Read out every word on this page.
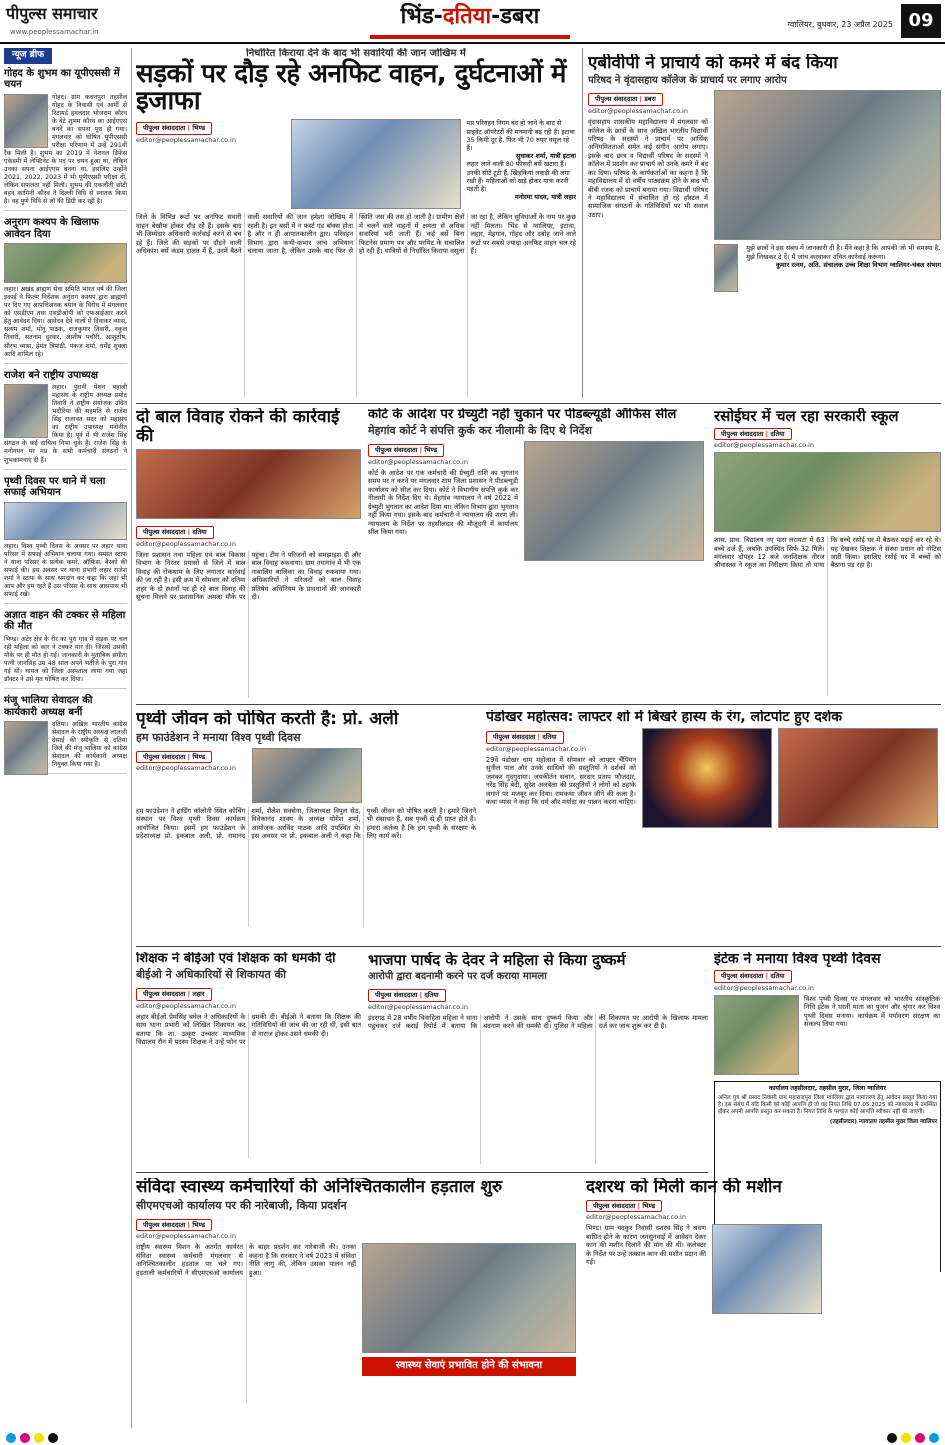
पीपुल्स समाचार
www.peoplessamachar.in
भिंड-दतिया-डबरा	ग्वालियर, बुधवार, 23 अप्रैल 2025 09
न्यूज ब्रीफ
गोहद के शुभम का यूपीएससी में चयन

गोहद। ग्राम कचनपुरा तहसील गोहद के निवासी एवं आर्मी से रिटायर्ड हवलदार भोजराम कौरव के बेटे शुभम कौरव का आईएएस बनने का सपना पूरा हो गया। मंगलवार को घोषित यूपीएससी परीक्षा परिणाम में उन्हें 291वीं रैंक मिली है। शुभम का 2019 में नेशनल डिफेंस एकेडमी में लेफ्टिनेंट के पद पर चयन हुआ था, लेकिन उनका सपना आईएएस बनना था, इसलिए उन्होंने 2021, 2022, 2023 में भी यूपीएससी परीक्षा दी, लेकिन सफलता नहीं मिली। शुभम की एकलौती छोटी बहन कामिनी कौरव ने दिल्ली विवि से स्नातक किया है। वह पुणे विवि से लॉ की डिग्री कर रही है।

अनुराग कश्यप के खिलाफ आवेदन दिया

लहार। अखंड ब्राह्मण सेवा समिति भारत वर्ष की जिला इकाई ने फिल्म निर्देशक अनुराग कश्यप द्वारा ब्राह्मणों पर दिए गए आपत्तिजनक बयान के विरोध में मंगलवार को एसडीएम तथा एसडीओपी को एफआईआर करने हेतु आवेदन दिया। आवेदन देने वालों में दिवाकर व्यास, सत्यम शर्मा, मोनू पाठक, राजकुमार तिवारी, नकुल तिवारी, सतनाम दुरवार, आशीष पचौरी, आशुतोष, सौरभ व्यास, हेमंत त्रिपाठी, पंकज शर्मा, धर्मेंद्र शुक्ला आदि शामिल रहे।

राजेश बने राष्ट्रीय उपाध्यक्ष

लहार। पुरानी पेंशन बहाली महासंघ के राष्ट्रीय अध्यक्ष प्रमोद तिवारी ने राष्ट्रीय संयोजक उदित भदौरिया की सहमति से राजेश सिंह राजावत सदर को महासंघ का राष्ट्रीय उपाध्यक्ष मनोनीत किया है। पूर्व में भी राजेश सिंह संगठन के कई दायित्व निभा चुके हैं। राजेश सिंह के मनोनयन पर मप्र के सभी कर्मचारी संगठनों ने शुभकामनाएं दी हैं।

पृथ्वी दिवस पर थाने में चला सफाई अभियान

लहार। विश्व पृथ्वी दिवस के अवसर पर लहार थाना परिसर में सफाई अभियान चलाया गया। समस्त स्टाफ ने थाना परिसर के प्रत्येक कमरे, ऑफिस, बैरकों की सफाई की। इस अवसर पर थाना प्रभारी लहार राजेश शर्मा ने स्टाफ के साथ श्रमदान कर कहा कि जहां भी आप और हम रहते हैं उस परिसर के साथ आसपास भी सफाई रखें।

अज्ञात वाहन की टक्कर से महिला की मौत

भिण्ड। अटेर क्षेत्र के रीर का पुरा गांव में सड़क पर चल रही महिला को कार ने टक्कर मार दी। जिससे उसकी मौके पर ही मौत हो गई। जानकारी के मुताबिक संगीता पत्नी जानसिंह उम्र 48 साल अपने भतीजे के पुरा गांव गई थी। घायल को जिला अस्पताल लाया गया जहां डॉक्टर ने उसे मृत घोषित कर दिया।

मंजू भालिया सेवादल की कार्यकारी अध्यक्ष बनीं

दतिया। अखिल भारतीय कांग्रेस सेवादल के राष्ट्रीय अध्यक्ष लालजी देसाई की स्वीकृति से दतिया जिले की मंजू भालिया को कांग्रेस सेवादल की कार्यकारी अध्यक्ष नियुक्त किया गया है।

निर्धारित किराया देने के बाद भी सवारियों की जान जोखिम में
सड़कों पर दौड़ रहे अनफिट वाहन, दुर्घटनाओं में इजाफा
पीपुल्स संवाददाता | भिण्ड
editor@peoplessamachar.co.in

मप्र परिवहन निगम बंद हो जाने के बाद से प्राइवेट ऑपरेटरों की मनमानी बढ़ रही है। इटावा 35 किमी दूर है, फिर भी 70 रुपए वसूल रहे हैं।

सुधाकर शर्मा, यात्री इटावा

लहार जाने वाली 80 फीसदी बसें खटारा हैं। उनकी सीटें टूटी हैं, खिड़कियां लकड़ी की लगा रखी हैं। महिलाओं को खड़े होकर यात्रा करनी पड़ती है।

मनोरमा यादव, यात्री लहार

जिले के विभिन्न रूटों पर अनफिट सवारी वाहन बेखौफ होकर दौड़ रहे हैं। इसके बाद भी जिम्मेदार अधिकारी कार्रवाई करने से बच रहे हैं। जिले की सड़कों पर दौड़ने वाली अधिकांश बसें कंडम हालत में हैं, उनमें बैठने वाली सवारियों की जान हमेशा जोखिम में रहती है। इन बसों में न फर्स्ट एड बॉक्स होता है और न ही आपातकालीन द्वार। परिवहन विभाग द्वारा कभी-कभार जांच अभियान चलाया जाता है, लेकिन उसके बाद फिर से स्थिति जस की तस हो जाती है। ग्रामीण क्षेत्रों में चलने वाले वाहनों में क्षमता से अधिक सवारियां भरी जाती हैं। कई बसें बिना फिटनेस प्रमाण पत्र और परमिट के संचालित हो रही हैं। यात्रियों से निर्धारित किराया वसूला जा रहा है, लेकिन सुविधाओं के नाम पर कुछ नहीं मिलता। भिंड से ग्वालियर, इटावा, लहार, मेहगांव, गोहद और दबोह जाने वाले रूटों पर सबसे ज्यादा अनफिट वाहन चल रहे हैं।

एबीवीपी ने प्राचार्य को कमरे में बंद किया
परिषद ने वृंदासहाय कॉलेज के प्राचार्य पर लगाए आरोप
पीपुल्स संवाददाता | डबरा
editor@peoplessamachar.co.in

वृंदासहाय शासकीय महाविद्यालय में मंगलवार को कॉलेज के छात्रों के साथ अखिल भारतीय विद्यार्थी परिषद के सदस्यों ने प्राचार्य पर आर्थिक अनियमितताओं समेत कई संगीन आरोप लगाए। इसके बाद छात्र व विद्यार्थी परिषद के सदस्यों ने कॉलेज में प्रदर्शन कर प्राचार्य को उनके कमरे में बंद कर दिया। परिषद के कार्यकर्ताओं का कहना है कि महाविद्यालय में दो वर्षीय पाठ्यक्रम होने के बाद भी बीबी रजक को प्राचार्य बनाया गया। विद्यार्थी परिषद ने महाविद्यालय में संचालित हो रहे हॉस्टल में सामाजिक संगठनों के गतिविधियों पर भी सवाल उठाए।

मुझे छात्रों ने इस संबंध में जानकारी दी है। मैंने कहा है कि आपकी जो भी समस्या है, मुझे लिखकर दे दें। मैं जांच करवाकर उचित कार्रवाई करूंगा।

कुमार रत्नम, अति. संचालक उच्च शिक्षा विभाग ग्वालियर-चंबल संभाग

दो बाल विवाह रोकने की कार्रवाई की
पीपुल्स संवाददाता | दतिया
editor@peoplessamachar.co.in

जिला प्रशासन तथा महिला एवं बाल विकास विभाग के निरंतर प्रयासों से जिले में बाल विवाह की रोकथाम के लिए लगातार कार्रवाई की जा रही है। इसी क्रम में सोमवार को दतिया शहर के दो स्थानों पर हो रहे बाल विवाह की सूचना मिलने पर प्रशासनिक अमला मौके पर पहुंचा। टीम ने परिजनों को समझाइश दी और बाल विवाह रुकवाया। ग्राम नयागांव में भी एक नाबालिग बालिका का विवाह रुकवाया गया। अधिकारियों ने परिजनों को बाल विवाह प्रतिषेध अधिनियम के प्रावधानों की जानकारी दी।

कोर्ट के आदेश पर ग्रेच्युटी नहीं चुकाने पर पीडब्ल्यूडी ऑफिस सील
मेहगांव कोर्ट ने संपत्ति कुर्क कर नीलामी के दिए थे निर्देश
पीपुल्स संवाददाता | भिण्ड
editor@peoplessamachar.co.in

कोर्ट के आदेश पर एक कर्मचारी की ग्रेच्युटी राशि का भुगतान समय पर न करने पर मंगलवार शाम जिला प्रशासन ने पीडब्ल्यूडी कार्यालय को सील कर दिया। कोर्ट ने विभागीय संपत्ति कुर्क कर नीलामी के निर्देश दिए थे। मेहगांव न्यायालय ने वर्ष 2022 में ग्रेच्युटी भुगतान का आदेश दिया था। लेकिन विभाग द्वारा भुगतान नहीं किया गया। इसके बाद कर्मचारी ने न्यायालय की शरण ली। न्यायालय के निर्देश पर तहसीलदार की मौजूदगी में कार्यालय सील किया गया।

रसोईघर में चल रहा सरकारी स्कूल
पीपुल्स संवाददाता | दतिया
editor@peoplessamachar.co.in

शास. प्राथ. विद्यालय नए पारा लरायटा में 63 बच्चे दर्ज हैं, जबकि उपस्थित सिर्फ 32 मिले। मंगलवार दोपहर 12 बजे जनशिक्षक नीरज श्रीवास्तव ने स्कूल का निरीक्षण किया तो पाया कि बच्चे रसोई घर में बैठकर पढ़ाई कर रहे थे। यह देखकर शिक्षक ने संस्था प्रधान को नोटिस जारी किया। इसलिए रसोई घर में बच्चों को बैठाना पड़ रहा है।

पृथ्वी जीवन को पोषित करती है: प्रो. अली
हम फाउंडेशन ने मनाया विश्व पृथ्वी दिवस
पीपुल्स संवाददाता | भिण्ड
editor@peoplessamachar.co.in

हम फाउंडेशन ने हार्डिंग कॉलोनी स्थित कोचिंग संस्थान पर विश्व पृथ्वी दिवस कार्यक्रम आयोजित किया। इसमें हम फाउंडेशन के प्रदेशाध्यक्ष प्रो. इकबाल अली, प्रो. रामानंद शर्मा, शैलेश सक्सेना, जिलाध्यक्ष विपुल सेठ, विवेकानंद शाक्य के अध्यक्ष योगेश शर्मा, आयोजक अरविंद पाठक आदि उपस्थित थे। इस अवसर पर प्रो. इकबाल अली ने कहा कि पृथ्वी जीवन को पोषित करती है। हमारे जितने भी संसाधन हैं, सब पृथ्वी से ही प्राप्त होते हैं। हमारा कर्तव्य है कि हम पृथ्वी के संरक्षण के लिए कार्य करें।

पंडोखर महोत्सव: लाफ्टर शो में बिखरे हास्य के रंग, लोटपोट हुए दर्शक
पीपुल्स संवाददाता | दतिया
editor@peoplessamachar.co.in

29वें पंडोखर धाम महोत्सव में सोमवार को लाफ्टर चैंपियन सुनील पाल और उनके साथियों की प्रस्तुतियों ने दर्शकों को जमकर गुदगुदाया। जयकीर्तन सचान, सरदार प्रताप फौजदार, नरेंद्र सिंह बेदी, सुरेश अलबेला की प्रस्तुतियों ने लोगों को ठहाके लगाने पर मजबूर कर दिया। रामकथा जीवन जीने की कला है। कथा व्यास ने कहा कि धर्म और मर्यादा का पालन करना चाहिए।

शिक्षक ने बीईओ एवं शिक्षक को धमकी दी
बीईओ ने अधिकारियों से शिकायत की
पीपुल्स संवाददाता | लहार
editor@peoplessamachar.co.in

लहार बीईओ प्रेमसिंह बघेल ने अधिकारियों के साथ थाना प्रभारी को लिखित शिकायत कर बताया कि शा. उत्कृष्ट उच्चतर माध्यमिक विद्यालय रौन में पदस्थ शिक्षक ने उन्हें फोन पर धमकी दी। बीईओ ने बताया कि शिक्षक की गतिविधियों की जांच की जा रही थी, इसी बात से नाराज होकर उसने धमकी दी।

भाजपा पार्षद के देवर ने महिला से किया दुष्कर्म
आरोपी द्वारा बदनामी करने पर दर्ज कराया मामला
पीपुल्स संवाददाता | दतिया
editor@peoplessamachar.co.in

इंदरगढ़ में 28 वर्षीय विवाहिता महिला ने थाना पहुंचकर दर्ज कराई रिपोर्ट में बताया कि आरोपी ने उसके साथ दुष्कर्म किया और बदनाम करने की धमकी दी। पुलिस ने महिला की शिकायत पर आरोपी के खिलाफ मामला दर्ज कर जांच शुरू कर दी है।

इंटेक ने मनाया विश्व पृथ्वी दिवस
पीपुल्स संवाददाता | दतिया
editor@peoplessamachar.co.in

विश्व पृथ्वी दिवस पर मंगलवार को भारतीय सांस्कृतिक निधि इंटेक ने धरती माता का पूजन और श्रृंगार कर विश्व पृथ्वी दिवस मनाया। कार्यक्रम में पर्यावरण संरक्षण का संकल्प लिया गया।

कार्यालय तहसीलदार, तहसील मुरार, जिला ग्वालियर

अनिल पुत्र श्री प्रसाद निवासी ग्राम महाराजपुरा जिला ग्वालियर द्वारा नामांतरण हेतु आवेदन प्रस्तुत किया गया है। इस संबंध में यदि किसी को कोई आपत्ति हो तो वह नियत तिथि 07.05.2025 को न्यायालय में उपस्थित होकर अपनी आपत्ति प्रस्तुत कर सकता है। नियत तिथि के पश्चात कोई आपत्ति स्वीकार नहीं की जाएगी।

(तहसीलदार) न्यायालय तहसील मुरार जिला ग्वालियर

संविदा स्वास्थ्य कर्मचारियों की अनिश्चितकालीन हड़ताल शुरु
सीएमएचओ कार्यालय पर की नारेबाजी, किया प्रदर्शन
पीपुल्स संवाददाता | भिण्ड
editor@peoplessamachar.co.in

राष्ट्रीय स्वास्थ्य मिशन के अंतर्गत कार्यरत संविदा स्वास्थ्य कर्मचारी मंगलवार से अनिश्चितकालीन हड़ताल पर चले गए। हड़ताली कर्मचारियों ने सीएमएचओ कार्यालय के बाहर प्रदर्शन कर नारेबाजी की। उनका कहना है कि सरकार ने वर्ष 2023 में संविदा नीति लागू की, लेकिन उसका पालन नहीं हुआ।

स्वास्थ्य सेवाएं प्रभावित होने की संभावना
दशरथ को मिली कान की मशीन
पीपुल्स संवाददाता | भिण्ड
editor@peoplessamachar.co.in

भिण्ड। ग्राम चदकुर निवासी दशरथ सिंह ने श्रवण बाधित होने के कारण जनसुनवाई में आवेदन देकर कान की मशीन दिलाने की मांग की थी। कलेक्टर के निर्देश पर उन्हें तत्काल कान की मशीन प्रदान की गई।
